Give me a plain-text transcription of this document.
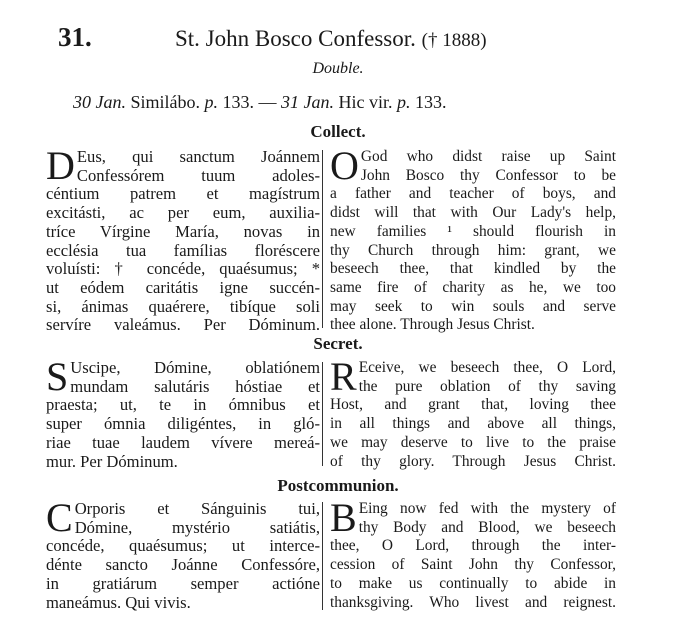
31.	St. John Bosco Confessor. († 1888)
Double.
30 Jan. Similábo. p. 133. — 31 Jan. Hic vir. p. 133.
Collect.
D Eus, qui sanctum Joánnem
Confessórem tuum adoles-
céntium patrem et magístrum
excitásti, ac per eum, auxilia-
tríce Vírgine María, novas in
ecclésia tua famílias floréscere
voluísti: † concéde, quaésumus; *
ut eódem caritátis igne succén-
si, ánimas quaérere, tibíque soli
servíre valeámus. Per Dóminum.
O God who didst raise up Saint
John Bosco thy Confessor to be
a father and teacher of boys, and
didst will that with Our Lady's help,
new families ¹ should flourish in
thy Church through him: grant, we
beseech thee, that kindled by the
same fire of charity as he, we too
may seek to win souls and serve
thee alone. Through Jesus Christ.
Secret.
S Uscipe, Dómine, oblatiónem
mundam salutáris hóstiae et
praesta; ut, te in ómnibus et
super ómnia diligéntes, in gló-
riae tuae laudem vívere mereá-
mur. Per Dóminum.
R Eceive, we beseech thee, O Lord,
the pure oblation of thy saving
Host, and grant that, loving thee
in all things and above all things,
we may deserve to live to the praise
of thy glory. Through Jesus Christ.
Postcommunion.
C Orporis et Sánguinis tui,
Dómine, mystério satiátis,
concéde, quaésumus; ut interce-
dénte sancto Joánne Confessóre,
in gratiárum semper actióne
maneámus. Qui vivis.
B Eing now fed with the mystery of
thy Body and Blood, we beseech
thee, O Lord, through the inter-
cession of Saint John thy Confessor,
to make us continually to abide in
thanksgiving. Who livest and reignest.
